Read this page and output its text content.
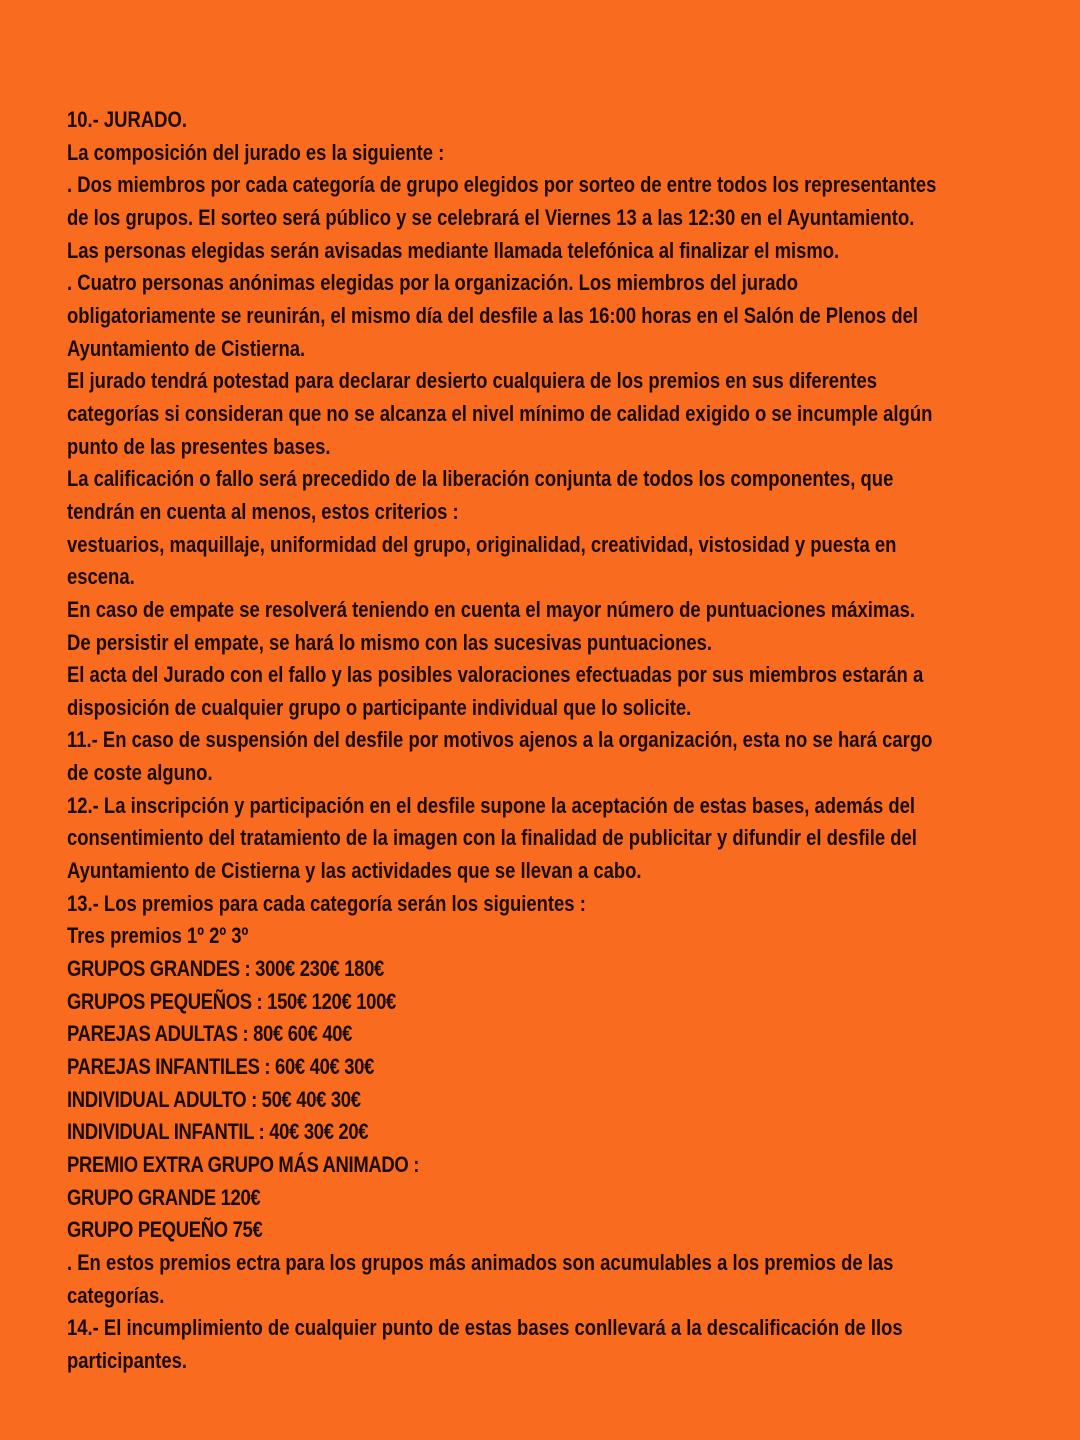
10.- JURADO.

La composición del jurado es la siguiente :

. Dos miembros por cada categoría de grupo elegidos por sorteo de entre todos los representantes

de los grupos. El sorteo será público y se celebrará el Viernes 13 a las 12:30 en el Ayuntamiento.

Las personas elegidas serán avisadas mediante llamada telefónica al finalizar el mismo.

. Cuatro personas anónimas elegidas por la organización. Los miembros del jurado

obligatoriamente se reunirán, el mismo día del desfile a las 16:00 horas en el Salón de Plenos del

Ayuntamiento de Cistierna.

El jurado tendrá potestad para declarar desierto cualquiera de los premios en sus diferentes

categorías si consideran que no se alcanza el nivel mínimo de calidad exigido o se incumple algún

punto de las presentes bases.

La calificación o fallo será precedido de la liberación conjunta de todos los componentes, que

tendrán en cuenta al menos, estos criterios :

vestuarios, maquillaje, uniformidad del grupo, originalidad, creatividad, vistosidad y puesta en

escena.

En caso de empate se resolverá teniendo en cuenta el mayor número de puntuaciones máximas.

De persistir el empate, se hará lo mismo con las sucesivas puntuaciones.

El acta del Jurado con el fallo y las posibles valoraciones efectuadas por sus miembros estarán a

disposición de cualquier grupo o participante individual que lo solicite.

11.- En caso de suspensión del desfile por motivos ajenos a la organización, esta no se hará cargo

de coste alguno.

12.- La inscripción y participación en el desfile supone la aceptación de estas bases, además del

consentimiento del tratamiento de la imagen con la finalidad de publicitar y difundir el desfile del

Ayuntamiento de Cistierna y las actividades que se llevan a cabo.

13.- Los premios para cada categoría serán los siguientes :

Tres premios 1º 2º 3º

GRUPOS GRANDES : 300€ 230€ 180€

GRUPOS PEQUEÑOS : 150€ 120€ 100€

PAREJAS ADULTAS : 80€ 60€ 40€

PAREJAS INFANTILES : 60€ 40€ 30€

INDIVIDUAL ADULTO : 50€ 40€ 30€

INDIVIDUAL INFANTIL : 40€ 30€ 20€

PREMIO EXTRA GRUPO MÁS ANIMADO :

GRUPO GRANDE 120€

GRUPO PEQUEÑO 75€

. En estos premios ectra para los grupos más animados son acumulables a los premios de las

categorías.

14.- El incumplimiento de cualquier punto de estas bases conllevará a la descalificación de llos

participantes.
